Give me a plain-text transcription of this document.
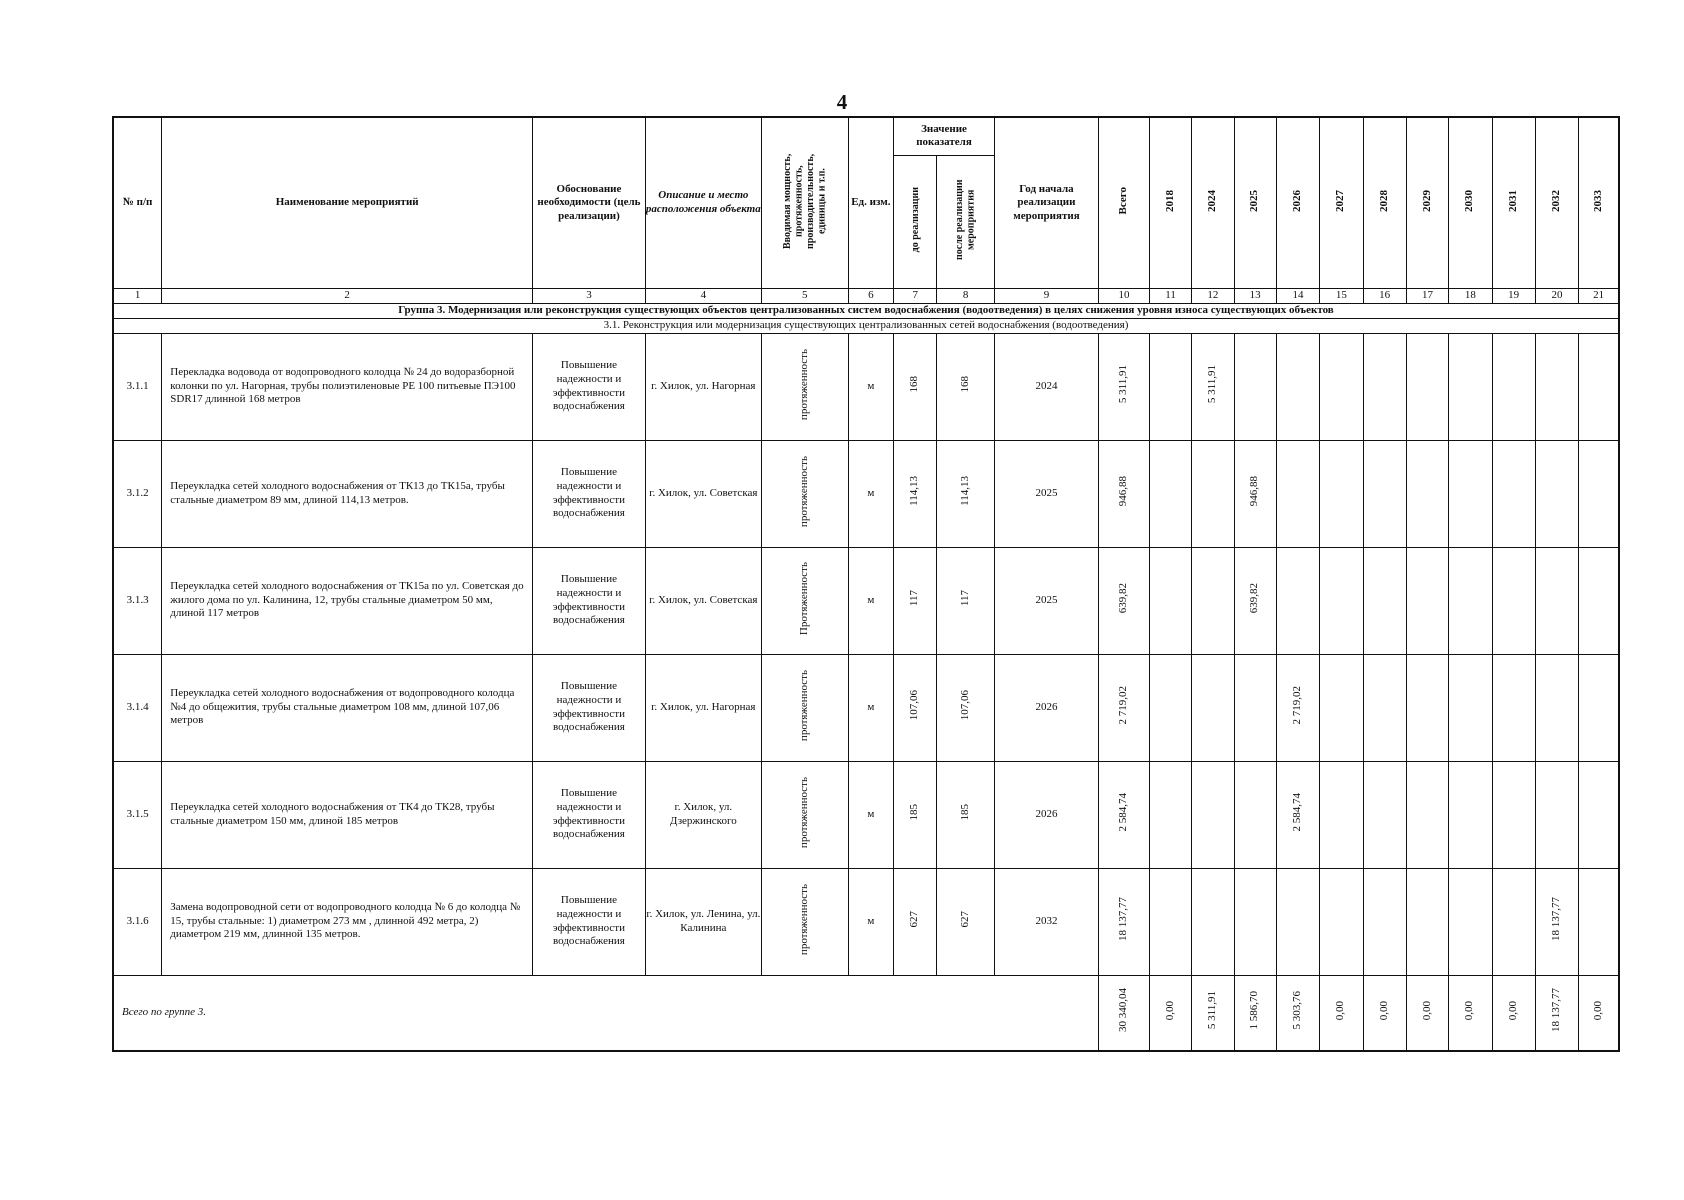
4
№ п/п	Наименование мероприятий	Обоснование необходимости (цель реализации)	Описание и место расположения объекта	Вводимая мощность, протяженность, производительность, единицы и т.п.	Ед. изм.	Значение показателя		Год начала реализации мероприятия	Всего	2018	2024	2025	2026	2027	2028	2029	2030	2031	2032	2033
						до реализации	после реализации мероприятия													
1	2	3	4	5	6	7	8	9	10	11	12	13	14	15	16	17	18	19	20	21
Группа 3. Модернизация или реконструкция существующих объектов централизованных систем водоснабжения (водоотведения) в целях снижения уровня износа существующих объектов																				
3.1. Реконструкция или модернизация существующих централизованных сетей водоснабжения (водоотведения)																				
3.1.1	Перекладка водовода от водопроводного колодца № 24 до водоразборной колонки по ул. Нагорная, трубы полиэтиленовые PE 100 питьевые ПЭ100 SDR17 длинной 168 метров	Повышение надежности и эффективности водоснабжения	г. Хилок, ул. Нагорная	протяженность	м	168	168	2024	5 311,91		5 311,91									
3.1.2	Переукладка сетей холодного водоснабжения от ТК13 до ТК15а, трубы стальные диаметром 89 мм, длиной 114,13 метров.	Повышение надежности и эффективности водоснабжения	г. Хилок, ул. Советская	протяженность	м	114,13	114,13	2025	946,88			946,88								
3.1.3	Переукладка сетей холодного водоснабжения от ТК15а по ул. Советская до жилого дома по ул. Калинина, 12, трубы стальные диаметром 50 мм, длиной 117 метров	Повышение надежности и эффективности водоснабжения	г. Хилок, ул. Советская	Протяженность	м	117	117	2025	639,82			639,82								
3.1.4	Переукладка сетей холодного водоснабжения от водопроводного колодца №4 до общежития, трубы стальные диаметром 108 мм, длиной 107,06 метров	Повышение надежности и эффективности водоснабжения	г. Хилок, ул. Нагорная	протяженность	м	107,06	107,06	2026	2 719,02				2 719,02							
3.1.5	Переукладка сетей холодного водоснабжения от ТК4 до ТК28, трубы стальные диаметром 150 мм, длиной 185 метров	Повышение надежности и эффективности водоснабжения	г. Хилок, ул. Дзержинского	протяженность	м	185	185	2026	2 584,74				2 584,74							
3.1.6	Замена водопроводной сети от водопроводного колодца № 6 до колодца № 15, трубы стальные: 1) диаметром 273 мм , длинной 492 метра, 2) диаметром 219 мм, длинной 135 метров.	Повышение надежности и эффективности водоснабжения	г. Хилок, ул. Ленина, ул. Калинина	протяженность	м	627	627	2032	18 137,77										18 137,77	
Всего по группе 3.									30 340,04	0,00	5 311,91	1 586,70	5 303,76	0,00	0,00	0,00	0,00	0,00	18 137,77	0,00
